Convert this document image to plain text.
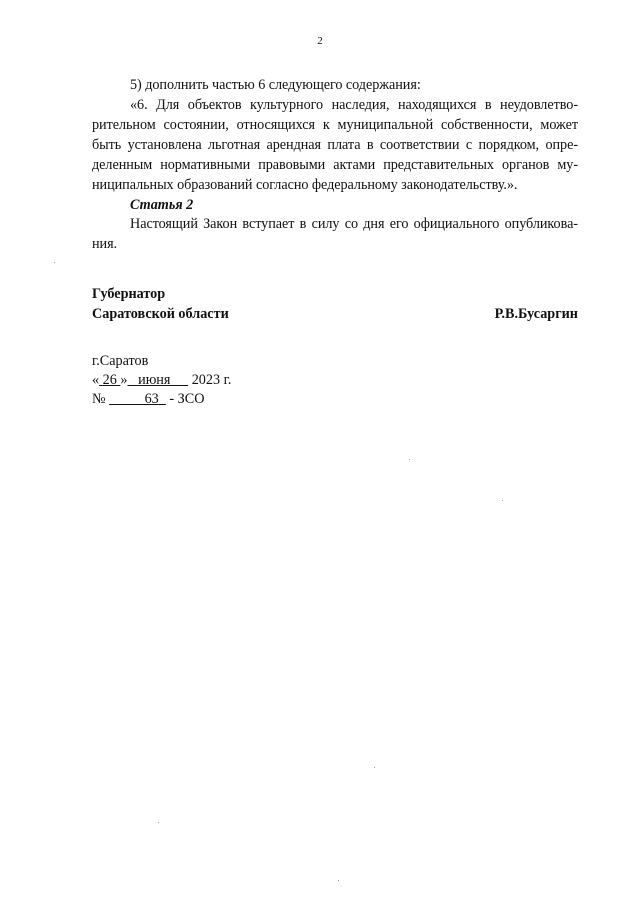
2
5) дополнить частью 6 следующего содержания:
«6. Для объектов культурного наследия, находящихся в неудовлетво-
рительном состоянии, относящихся к муниципальной собственности, может
быть установлена льготная арендная плата в соответствии с порядком, опре-
деленным нормативными правовыми актами представительных органов му-
ниципальных образований согласно федеральному законодательству.».
Статья 2
Настоящий Закон вступает в силу со дня его официального опубликова-
ния.
Губернатор
Саратовской области	Р.В.Бусаргин
г.Саратов
« 26 » июня 2023 г.
№	63 - ЗСО
